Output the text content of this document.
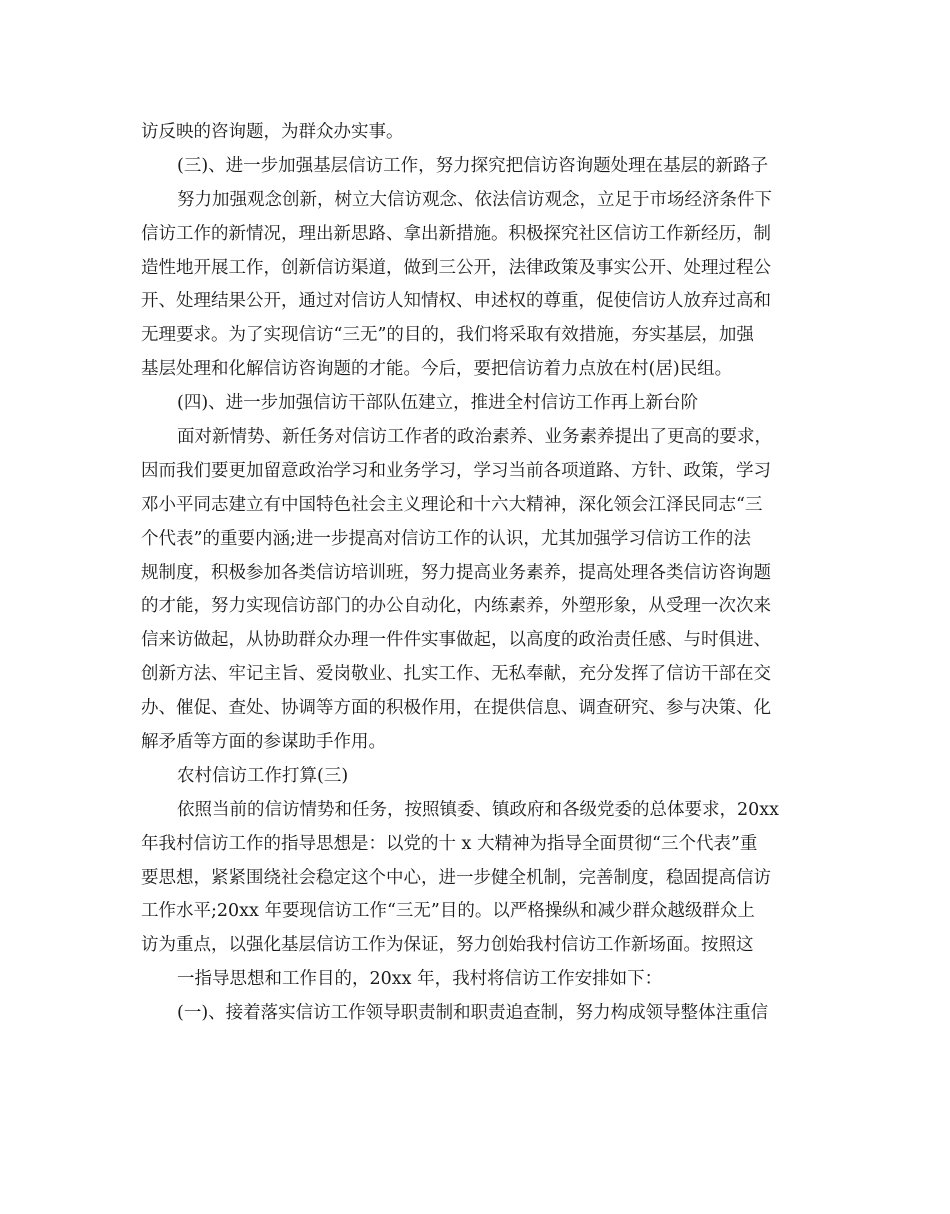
访反映的咨询题，为群众办实事。
(三)、进一步加强基层信访工作，努力探究把信访咨询题处理在基层的新路子
努力加强观念创新，树立大信访观念、依法信访观念，立足于市场经济条件下
信访工作的新情况，理出新思路、拿出新措施。积极探究社区信访工作新经历，制
造性地开展工作，创新信访渠道，做到三公开，法律政策及事实公开、处理过程公
开、处理结果公开，通过对信访人知情权、申述权的尊重，促使信访人放弃过高和
无理要求。为了实现信访“三无”的目的，我们将采取有效措施，夯实基层，加强
基层处理和化解信访咨询题的才能。今后，要把信访着力点放在村(居)民组。
(四)、进一步加强信访干部队伍建立，推进全村信访工作再上新台阶
面对新情势、新任务对信访工作者的政治素养、业务素养提出了更高的要求，
因而我们要更加留意政治学习和业务学习，学习当前各项道路、方针、政策，学习
邓小平同志建立有中国特色社会主义理论和十六大精神，深化领会江泽民同志“三
个代表”的重要内涵;进一步提高对信访工作的认识，尤其加强学习信访工作的法
规制度，积极参加各类信访培训班，努力提高业务素养，提高处理各类信访咨询题
的才能，努力实现信访部门的办公自动化，内练素养，外塑形象，从受理一次次来
信来访做起，从协助群众办理一件件实事做起，以高度的政治责任感、与时俱进、
创新方法、牢记主旨、爱岗敬业、扎实工作、无私奉献，充分发挥了信访干部在交
办、催促、查处、协调等方面的积极作用，在提供信息、调查研究、参与决策、化
解矛盾等方面的参谋助手作用。
农村信访工作打算(三)
依照当前的信访情势和任务，按照镇委、镇政府和各级党委的总体要求，20xx
年我村信访工作的指导思想是：以党的十 x 大精神为指导全面贯彻“三个代表”重
要思想，紧紧围绕社会稳定这个中心，进一步健全机制，完善制度，稳固提高信访
工作水平;20xx 年要现信访工作“三无”目的。以严格操纵和减少群众越级群众上
访为重点，以强化基层信访工作为保证，努力创始我村信访工作新场面。按照这
一指导思想和工作目的，20xx 年，我村将信访工作安排如下：
(一)、接着落实信访工作领导职责制和职责追查制，努力构成领导整体注重信
